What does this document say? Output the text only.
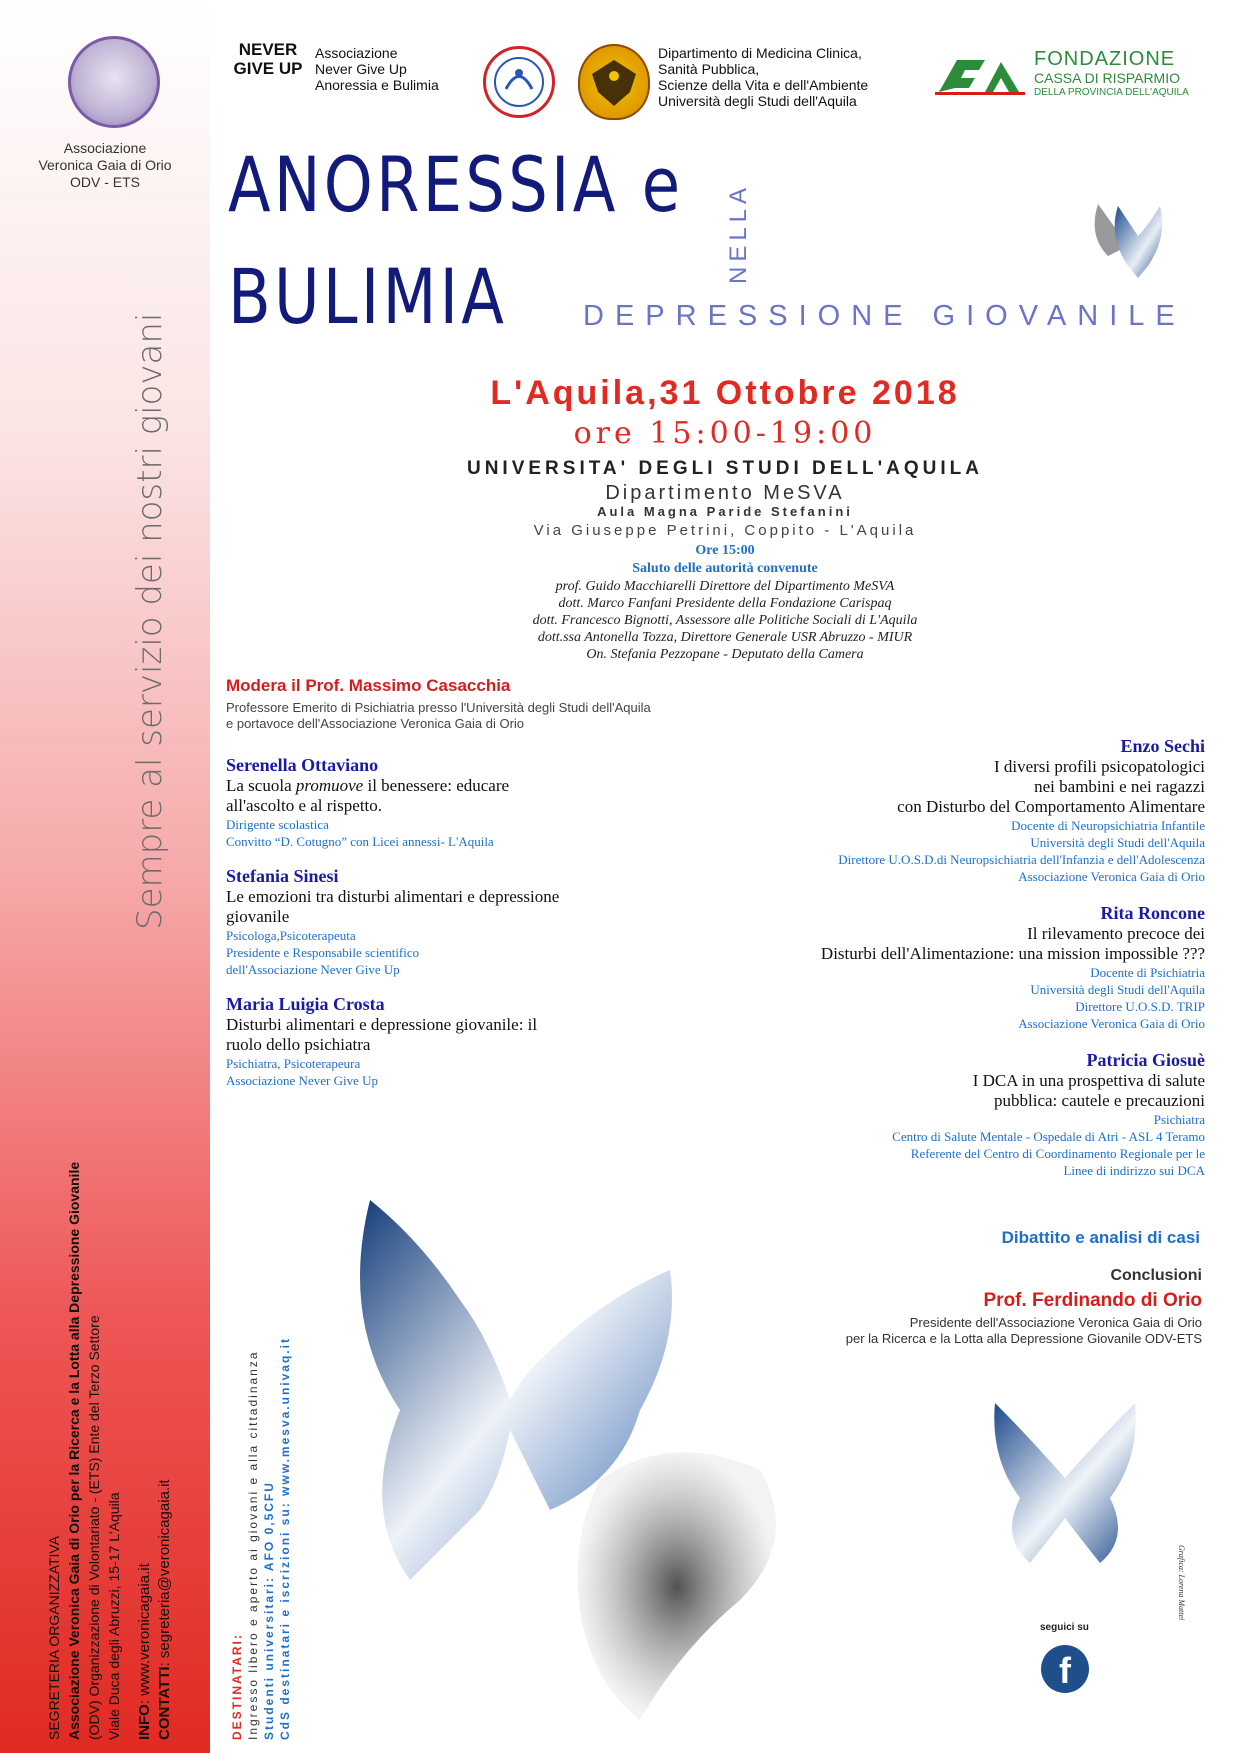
Associazione
Veronica Gaia di Orio
ODV - ETS
Sempre al servizio dei nostri giovani
SEGRETERIA ORGANIZZATIVA Associazione Veronica Gaia di Orio per la Ricerca e la Lotta alla Depressione Giovanile (ODV) Organizzazione di Volontariato - (ETS) Ente del Terzo Settore Viale Duca degli Abruzzi, 15-17 L'Aquila INFO: www.veronicagaia.it CONTATTI: segreteria@veronicagaia.it
NEVER GIVE UP
Associazione
Never Give Up
Anoressia e Bulimia
Dipartimento di Medicina Clinica,
Sanità Pubblica,
Scienze della Vita e dell'Ambiente
Università degli Studi dell'Aquila
FONDAZIONE
CASSA DI RISPARMIO
DELLA PROVINCIA DELL'AQUILA
ANORESSIA e
BULIMIA
NELLA
DEPRESSIONE GIOVANILE
L'Aquila,31 Ottobre 2018
ore 15:00-19:00
UNIVERSITA' DEGLI STUDI DELL'AQUILA
Dipartimento MeSVA
Aula Magna Paride Stefanini
Via Giuseppe Petrini, Coppito - L'Aquila
Ore 15:00
Saluto delle autorità convenute
prof. Guido Macchiarelli Direttore del Dipartimento MeSVA
dott. Marco Fanfani Presidente della Fondazione Carispaq
dott. Francesco Bignotti, Assessore alle Politiche Sociali di L'Aquila
dott.ssa Antonella Tozza, Direttore Generale USR Abruzzo - MIUR
On. Stefania Pezzopane - Deputato della Camera
Modera il Prof. Massimo Casacchia
Professore Emerito di Psichiatria presso l'Università degli Studi dell'Aquila
e portavoce dell'Associazione Veronica Gaia di Orio
Serenella Ottaviano
La scuola promuove il benessere: educare
all'ascolto e al rispetto.
Dirigente scolastica
Convitto “D. Cotugno” con Licei annessi- L'Aquila
Stefania Sinesi
Le emozioni tra disturbi alimentari e depressione
giovanile
Psicologa,Psicoterapeuta
Presidente e Responsabile scientifico
dell'Associazione Never Give Up
Maria Luigia Crosta
Disturbi alimentari e depressione giovanile: il
ruolo dello psichiatra
Psichiatra, Psicoterapeura
Associazione Never Give Up
Enzo Sechi
I diversi profili psicopatologici
nei bambini e nei ragazzi
con Disturbo del Comportamento Alimentare
Docente di Neuropsichiatria Infantile
Università degli Studi dell'Aquila
Direttore U.O.S.D.di Neuropsichiatria dell'Infanzia e dell'Adolescenza
Associazione Veronica Gaia di Orio
Rita Roncone
Il rilevamento precoce dei
Disturbi dell'Alimentazione: una mission impossible ???
Docente di Psichiatria
Università degli Studi dell'Aquila
Direttore U.O.S.D. TRIP
Associazione Veronica Gaia di Orio
Patricia Giosuè
I DCA in una prospettiva di salute
pubblica: cautele e precauzioni
Psichiatra
Centro di Salute Mentale - Ospedale di Atri - ASL 4 Teramo
Referente del Centro di Coordinamento Regionale per le
Linee di indirizzo sui DCA
Dibattito e analisi di casi
Conclusioni
Prof. Ferdinando di Orio
Presidente dell'Associazione Veronica Gaia di Orio
per la Ricerca e la Lotta alla Depressione Giovanile ODV-ETS
DESTINATARI: Ingresso libero e aperto ai giovani e alla cittadinanza Studenti universitari: AFO 0,5CFU CdS destinatari e iscrizioni su: www.mesva.univaq.it	Grafica: Lorena Mattei
seguici su
f
